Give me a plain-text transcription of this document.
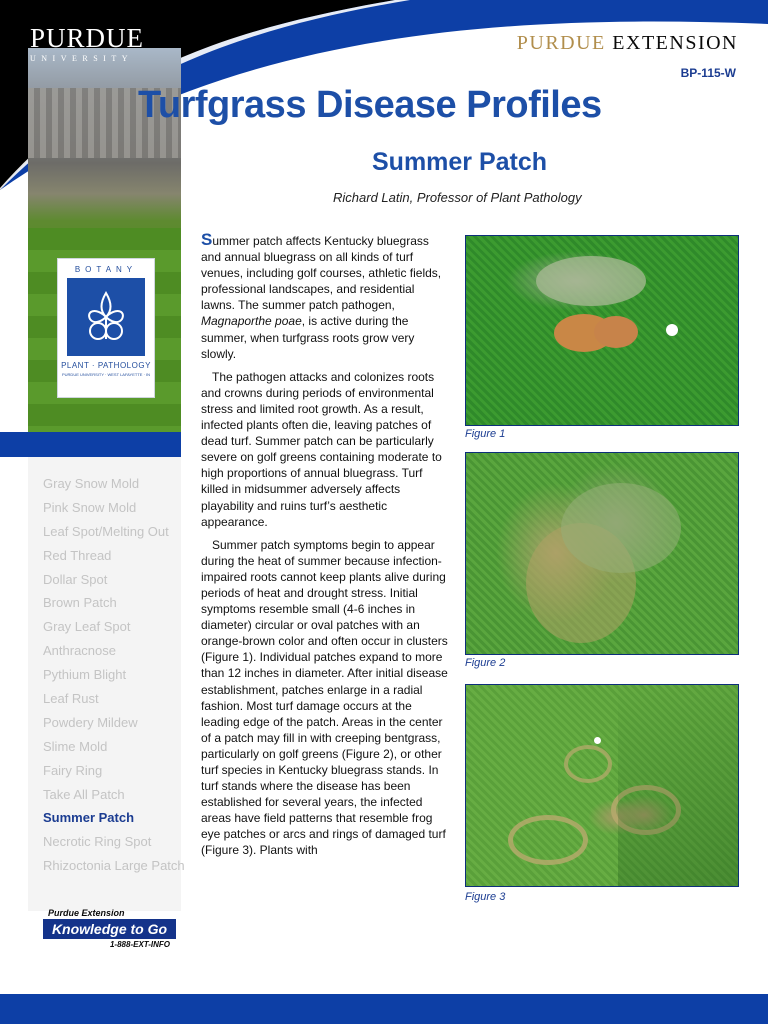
PURDUE
UNIVERSITY
PURDUE EXTENSION
BP-115-W
Turfgrass Disease Profiles
Summer Patch
Richard Latin, Professor of Plant Pathology
BOTANY
PLANT · PATHOLOGY
PURDUE UNIVERSITY · WEST LAFAYETTE · IN
Gray Snow Mold
Pink Snow Mold
Leaf Spot/Melting Out
Red Thread
Dollar Spot
Brown Patch
Gray Leaf Spot
Anthracnose
Pythium Blight
Leaf Rust
Powdery Mildew
Slime Mold
Fairy Ring
Take All Patch
Summer Patch
Necrotic Ring Spot
Rhizoctonia Large Patch
Purdue Extension
Knowledge to Go
1-888-EXT-INFO

Summer patch affects Kentucky bluegrass and annual bluegrass on all kinds of turf venues, including golf courses, athletic fields, professional landscapes, and residential lawns. The summer patch pathogen, Magnaporthe poae, is active during the summer, when turfgrass roots grow very slowly.

The pathogen attacks and colonizes roots and crowns during periods of environmental stress and limited root growth. As a result, infected plants often die, leaving patches of dead turf. Summer patch can be particularly severe on golf greens containing moderate to high proportions of annual bluegrass. Turf killed in midsummer adversely affects playability and ruins turf’s aesthetic appearance.

Summer patch symptoms begin to appear during the heat of summer because infection-impaired roots cannot keep plants alive during periods of heat and drought stress. Initial symptoms resemble small (4-6 inches in diameter) circular or oval patches with an orange-brown color and often occur in clusters (Figure 1). Individual patches expand to more than 12 inches in diameter. After initial disease establishment, patches enlarge in a radial fashion. Most turf damage occurs at the leading edge of the patch. Areas in the center of a patch may fill in with creeping bentgrass, particularly on golf greens (Figure 2), or other turf species in Kentucky bluegrass stands. In turf stands where the disease has been established for several years, the infected areas have field patterns that resemble frog eye patches or arcs and rings of damaged turf (Figure 3). Plants with

Figure 1
Figure 2
Figure 3
